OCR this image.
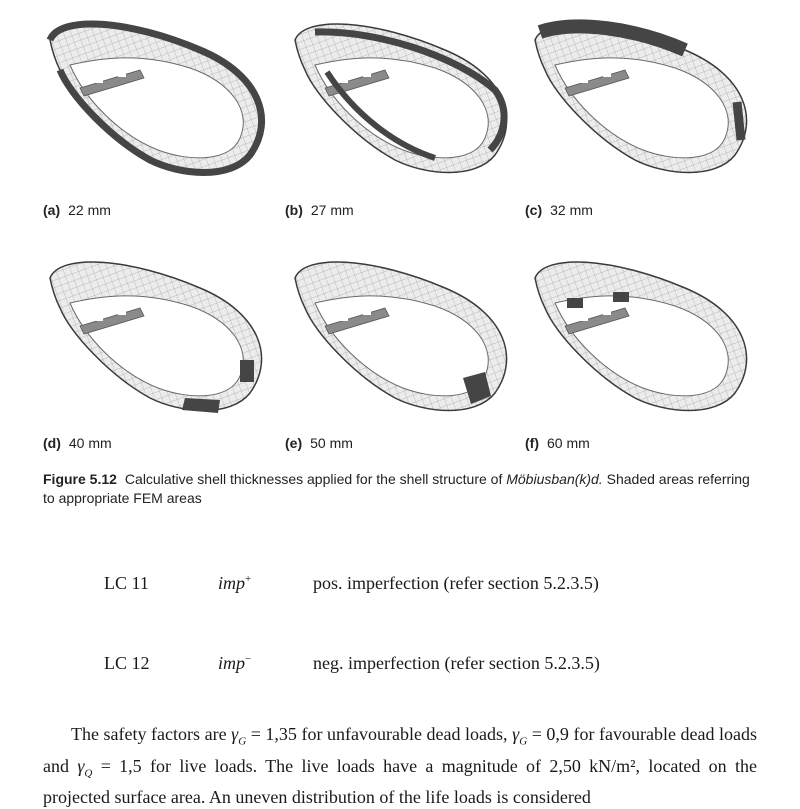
(a) 22 mm	(b) 27 mm	(c) 32 mm
(d) 40 mm	(e) 50 mm	(f) 60 mm
Figure 5.12 Calculative shell thicknesses applied for the shell structure of Möbiusban(k)d. Shaded areas referring to appropriate FEM areas
LC 11	imp+	pos. imperfection (refer section 5.2.3.5)
LC 12	imp−	neg. imperfection (refer section 5.2.3.5)
The safety factors are $\gamma_G = 1,35$ for unfavourable dead loads, $\gamma_G = 0,9$ for favourable dead loads and $\gamma_Q = 1,5$ for live loads. The live loads have a magnitude of 2,50 kN/m², located on the projected surface area. An uneven distribution of the life loads is considered
